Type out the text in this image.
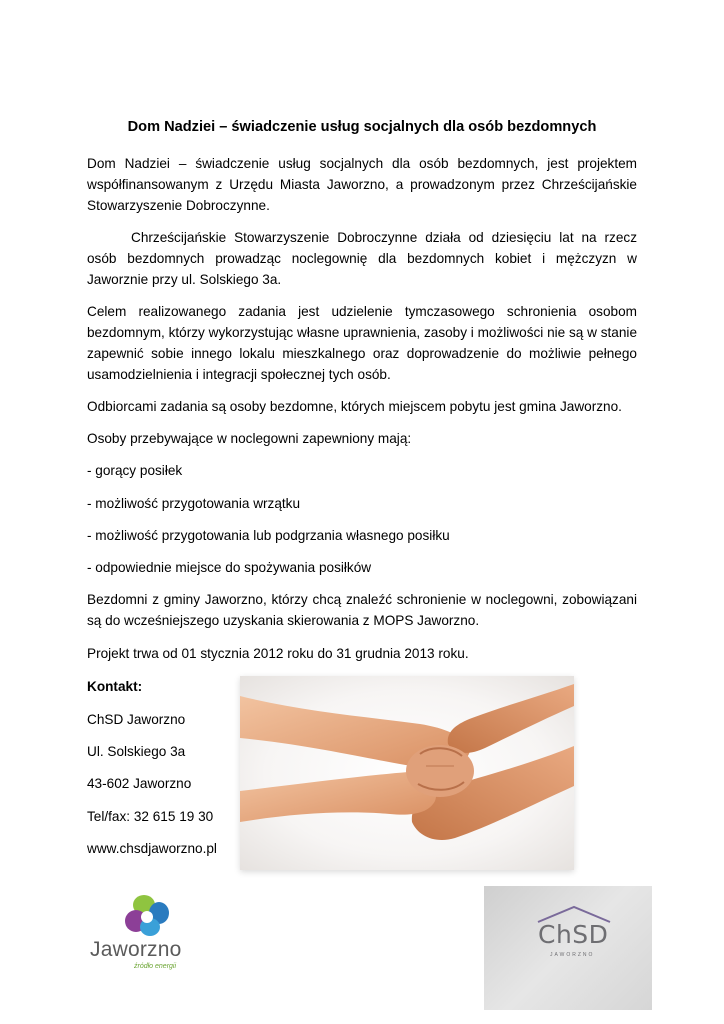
Dom Nadziei – świadczenie usług socjalnych dla osób bezdomnych

Dom Nadziei – świadczenie usług socjalnych dla osób bezdomnych, jest projektem współfinansowanym z Urzędu Miasta Jaworzno, a prowadzonym przez Chrześcijańskie Stowarzyszenie Dobroczynne.

Chrześcijańskie Stowarzyszenie Dobroczynne działa od dziesięciu lat na rzecz osób bezdomnych prowadząc noclegownię dla bezdomnych kobiet i mężczyzn w Jaworznie przy ul. Solskiego 3a.

Celem realizowanego zadania jest udzielenie tymczasowego schronienia osobom bezdomnym, którzy wykorzystując własne uprawnienia, zasoby i możliwości nie są w stanie zapewnić sobie innego lokalu mieszkalnego oraz doprowadzenie do możliwie pełnego usamodzielnienia i integracji społecznej tych osób.

Odbiorcami zadania są osoby bezdomne, których miejscem pobytu jest gmina Jaworzno.

Osoby przebywające w noclegowni zapewniony mają:

- gorący posiłek

- możliwość przygotowania wrzątku

- możliwość przygotowania lub podgrzania własnego posiłku

- odpowiednie miejsce do spożywania posiłków

Bezdomni z gminy Jaworzno, którzy chcą znaleźć schronienie w noclegowni, zobowiązani są do wcześniejszego uzyskania skierowania z MOPS Jaworzno.

Projekt trwa od 01 stycznia 2012 roku do 31 grudnia 2013 roku.

Kontakt:

ChSD Jaworzno

Ul. Solskiego 3a

43-602 Jaworzno

Tel/fax: 32 615 19 30

www.chsdjaworzno.pl

Jaworzno
źródło energii
ChSD
JAWORZNO
